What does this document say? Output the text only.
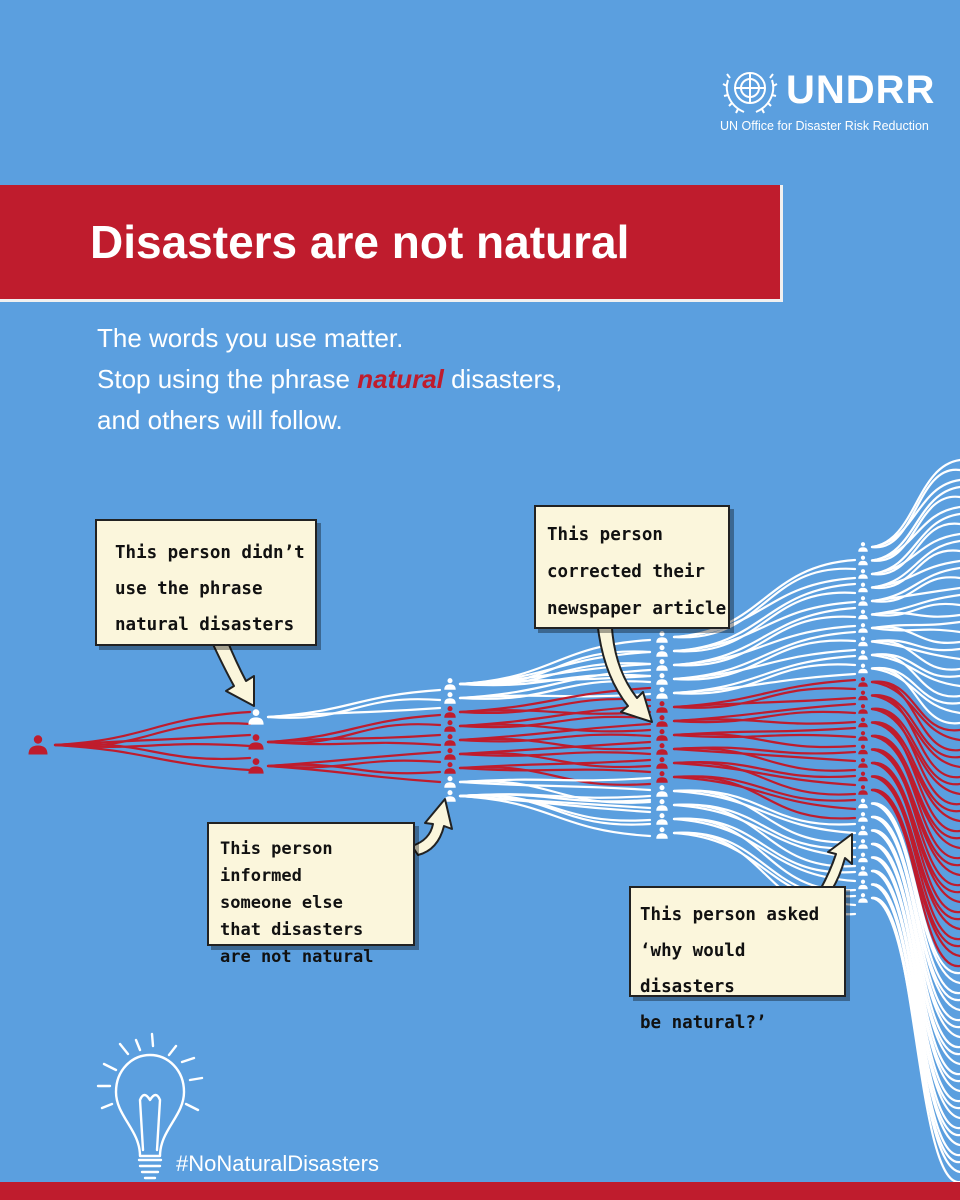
UNDRR
UN Office for Disaster Risk Reduction
Disasters are not natural
The words you use matter.
Stop using the phrase natural disasters,
and others will follow.
This person didn’t
use the phrase
natural disasters
This person
corrected their
newspaper article
This person informed
someone else
that disasters
are not natural
This person asked
‘why would disasters
be natural?’
#NoNaturalDisasters
